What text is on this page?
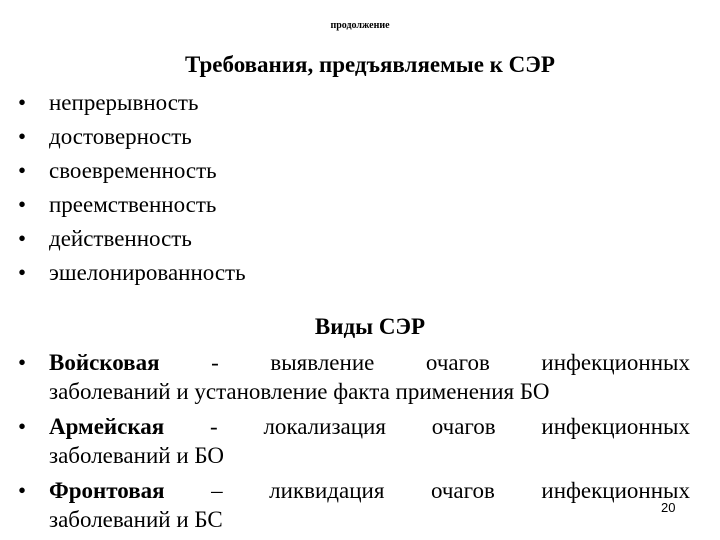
продолжение
Требования, предъявляемые к СЭР
• непрерывность
• достоверность
• своевременность
• преемственность
• действенность
• эшелонированность
Виды СЭР
• Войсковая - выявление очагов инфекционных
заболеваний и установление факта применения БО
• Армейская - локализация очагов инфекционных
заболеваний и БО
• Фронтовая – ликвидация очагов инфекционных
заболеваний и БС	20
